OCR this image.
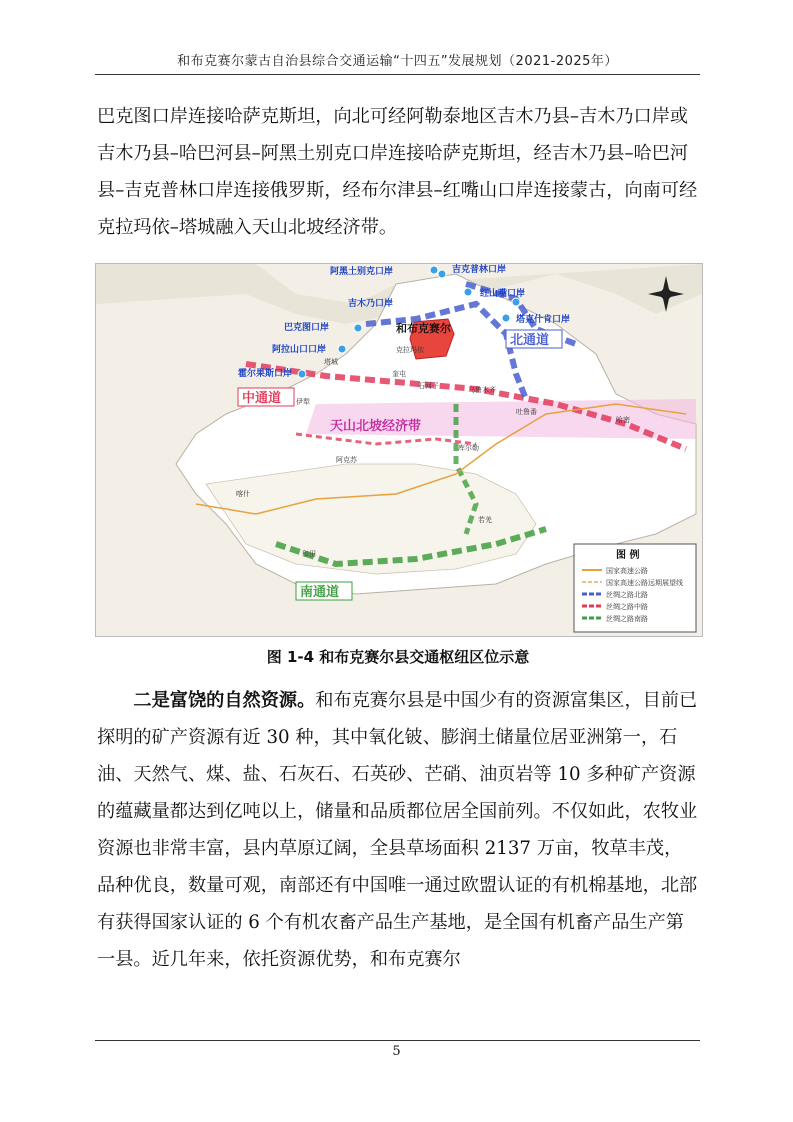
和布克赛尔蒙古自治县综合交通运输“十四五”发展规划（2021-2025年）

巴克图口岸连接哈萨克斯坦，向北可经阿勒泰地区吉木乃县–吉木乃口岸或吉木乃县–哈巴河县–阿黑土别克口岸连接哈萨克斯坦，经吉木乃县–哈巴河县–吉克普林口岸连接俄罗斯，经布尔津县–红嘴山口岸连接蒙古，向南可经克拉玛依–塔城融入天山北坡经济带。

阿黑土别克口岸	吉克普林口岸
红山嘴口岸
吉木乃口岸
塔克什肯口岸
巴克图口岸
阿拉山口口岸
霍尔果斯口岸
和布克赛尔
中通道
北通道
南通道
天山北坡经济带
塔城
乌鲁木齐
奎屯
石河子
吐鲁番
哈密
库尔勒
阿克苏
喀什
和田
若羌
伊犁
克拉玛依
图 例
国家高速公路
国家高速公路远期展望线
丝绸之路北路
丝绸之路中路
丝绸之路南路
图 1-4 和布克赛尔县交通枢纽区位示意

二是富饶的自然资源。和布克赛尔县是中国少有的资源富集区，目前已探明的矿产资源有近 30 种，其中氧化铍、膨润土储量位居亚洲第一，石油、天然气、煤、盐、石灰石、石英砂、芒硝、油页岩等 10 多种矿产资源的蕴藏量都达到亿吨以上，储量和品质都位居全国前列。不仅如此，农牧业资源也非常丰富，县内草原辽阔，全县草场面积 2137 万亩，牧草丰茂，品种优良，数量可观，南部还有中国唯一通过欧盟认证的有机棉基地，北部有获得国家认证的 6 个有机农畜产品生产基地，是全国有机畜产品生产第一县。近几年来，依托资源优势，和布克赛尔

5
